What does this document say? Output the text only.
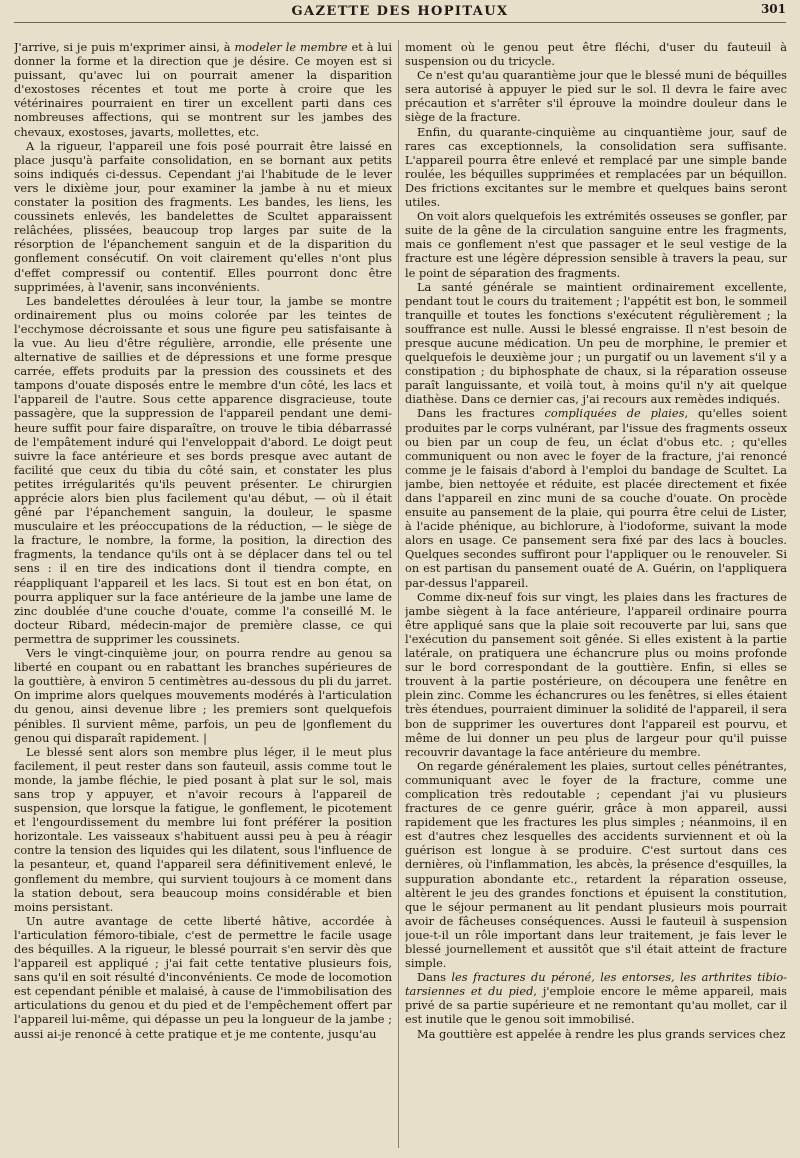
GAZETTE DES HOPITAUX	301

J'arrive, si je puis m'exprimer ainsi, à modeler le membre et à lui donner la forme et la direction que je désire. Ce moyen est si puissant, qu'avec lui on pourrait amener la disparition d'exostoses récentes et tout me porte à croire que les vétérinaires pourraient en tirer un excellent parti dans ces nombreuses affections, qui se montrent sur les jambes des chevaux, exostoses, javarts, mollettes, etc.

A la rigueur, l'appareil une fois posé pourrait être laissé en place jusqu'à parfaite consolidation, en se bornant aux petits soins indiqués ci-dessus. Cependant j'ai l'habitude de le lever vers le dixième jour, pour examiner la jambe à nu et mieux constater la position des fragments. Les bandes, les liens, les coussinets enlevés, les bandelettes de Scultet apparaissent relâchées, plissées, beaucoup trop larges par suite de la résorption de l'épanchement sanguin et de la disparition du gonflement consécutif. On voit clairement qu'elles n'ont plus d'effet compressif ou contentif. Elles pourront donc être supprimées, à l'avenir, sans inconvénients.

Les bandelettes déroulées à leur tour, la jambe se montre ordinairement plus ou moins colorée par les teintes de l'ecchymose décroissante et sous une figure peu satisfaisante à la vue. Au lieu d'être régulière, arrondie, elle présente une alternative de saillies et de dépressions et une forme presque carrée, effets produits par la pression des coussinets et des tampons d'ouate disposés entre le membre d'un côté, les lacs et l'appareil de l'autre. Sous cette apparence disgracieuse, toute passagère, que la suppression de l'appareil pendant une demi-heure suffit pour faire disparaître, on trouve le tibia débarrassé de l'empâtement induré qui l'enveloppait d'abord. Le doigt peut suivre la face antérieure et ses bords presque avec autant de facilité que ceux du tibia du côté sain, et constater les plus petites irrégularités qu'ils peuvent présenter. Le chirurgien apprécie alors bien plus facilement qu'au début, — où il était gêné par l'épanchement sanguin, la douleur, le spasme musculaire et les préoccupations de la réduction, — le siège de la fracture, le nombre, la forme, la position, la direction des fragments, la tendance qu'ils ont à se déplacer dans tel ou tel sens : il en tire des indications dont il tiendra compte, en réappliquant l'appareil et les lacs. Si tout est en bon état, on pourra appliquer sur la face antérieure de la jambe une lame de zinc doublée d'une couche d'ouate, comme l'a conseillé M. le docteur Ribard, médecin-major de première classe, ce qui permettra de supprimer les coussinets.

Vers le vingt-cinquième jour, on pourra rendre au genou sa liberté en coupant ou en rabattant les branches supérieures de la gouttière, à environ 5 centimètres au-dessous du pli du jarret. On imprime alors quelques mouvements modérés à l'articulation du genou, ainsi devenue libre ; les premiers sont quelquefois pénibles. Il survient même, parfois, un peu de |gonflement du genou qui disparaît rapidement. |

Le blessé sent alors son membre plus léger, il le meut plus facilement, il peut rester dans son fauteuil, assis comme tout le monde, la jambe fléchie, le pied posant à plat sur le sol, mais sans trop y appuyer, et n'avoir recours à l'appareil de suspension, que lorsque la fatigue, le gonflement, le picotement et l'engourdissement du membre lui font préférer la position horizontale. Les vaisseaux s'habituent aussi peu à peu à réagir contre la tension des liquides qui les dilatent, sous l'influence de la pesanteur, et, quand l'appareil sera définitivement enlevé, le gonflement du membre, qui survient toujours à ce moment dans la station debout, sera beaucoup moins considérable et bien moins persistant.

Un autre avantage de cette liberté hâtive, accordée à l'articulation fémoro-tibiale, c'est de permettre le facile usage des béquilles. A la rigueur, le blessé pourrait s'en servir dès que l'appareil est appliqué ; j'ai fait cette tentative plusieurs fois, sans qu'il en soit résulté d'inconvénients. Ce mode de locomotion est cependant pénible et malaisé, à cause de l'immobilisation des articulations du genou et du pied et de l'empêchement offert par l'appareil lui-même, qui dépasse un peu la longueur de la jambe ; aussi ai-je renoncé à cette pratique et je me contente, jusqu'au

moment où le genou peut être fléchi, d'user du fauteuil à suspension ou du tricycle.

Ce n'est qu'au quarantième jour que le blessé muni de béquilles sera autorisé à appuyer le pied sur le sol. Il devra le faire avec précaution et s'arrêter s'il éprouve la moindre douleur dans le siège de la fracture.

Enfin, du quarante-cinquième au cinquantième jour, sauf de rares cas exceptionnels, la consolidation sera suffisante. L'appareil pourra être enlevé et remplacé par une simple bande roulée, les béquilles supprimées et remplacées par un béquillon. Des frictions excitantes sur le membre et quelques bains seront utiles.

On voit alors quelquefois les extrémités osseuses se gonfler, par suite de la gêne de la circulation sanguine entre les fragments, mais ce gonflement n'est que passager et le seul vestige de la fracture est une légère dépression sensible à travers la peau, sur le point de séparation des fragments.

La santé générale se maintient ordinairement excellente, pendant tout le cours du traitement ; l'appétit est bon, le sommeil tranquille et toutes les fonctions s'exécutent régulièrement ; la souffrance est nulle. Aussi le blessé engraisse. Il n'est besoin de presque aucune médication. Un peu de morphine, le premier et quelquefois le deuxième jour ; un purgatif ou un lavement s'il y a constipation ; du biphosphate de chaux, si la réparation osseuse paraît languissante, et voilà tout, à moins qu'il n'y ait quelque diathèse. Dans ce dernier cas, j'ai recours aux remèdes indiqués.

Dans les fractures compliquées de plaies, qu'elles soient produites par le corps vulnérant, par l'issue des fragments osseux ou bien par un coup de feu, un éclat d'obus etc. ; qu'elles communiquent ou non avec le foyer de la fracture, j'ai renoncé comme je le faisais d'abord à l'emploi du bandage de Scultet. La jambe, bien nettoyée et réduite, est placée directement et fixée dans l'appareil en zinc muni de sa couche d'ouate. On procède ensuite au pansement de la plaie, qui pourra être celui de Lister, à l'acide phénique, au bichlorure, à l'iodoforme, suivant la mode alors en usage. Ce pansement sera fixé par des lacs à boucles. Quelques secondes suffiront pour l'appliquer ou le renouveler. Si on est partisan du pansement ouaté de A. Guérin, on l'appliquera par-dessus l'appareil.

Comme dix-neuf fois sur vingt, les plaies dans les fractures de jambe siègent à la face antérieure, l'appareil ordinaire pourra être appliqué sans que la plaie soit recouverte par lui, sans que l'exécution du pansement soit gênée. Si elles existent à la partie latérale, on pratiquera une échancrure plus ou moins profonde sur le bord correspondant de la gouttière. Enfin, si elles se trouvent à la partie postérieure, on découpera une fenêtre en plein zinc. Comme les échancrures ou les fenêtres, si elles étaient très étendues, pourraient diminuer la solidité de l'appareil, il sera bon de supprimer les ouvertures dont l'appareil est pourvu, et même de lui donner un peu plus de largeur pour qu'il puisse recouvrir davantage la face antérieure du membre.

On regarde généralement les plaies, surtout celles pénétrantes, communiquant avec le foyer de la fracture, comme une complication très redoutable ; cependant j'ai vu plusieurs fractures de ce genre guérir, grâce à mon appareil, aussi rapidement que les fractures les plus simples ; néanmoins, il en est d'autres chez lesquelles des accidents surviennent et où la guérison est longue à se produire. C'est surtout dans ces dernières, où l'inflammation, les abcès, la présence d'esquilles, la suppuration abondante etc., retardent la réparation osseuse, altèrent le jeu des grandes fonctions et épuisent la constitution, que le séjour permanent au lit pendant plusieurs mois pourrait avoir de fâcheuses conséquences. Aussi le fauteuil à suspension joue-t-il un rôle important dans leur traitement, je fais lever le blessé journellement et aussitôt que s'il était atteint de fracture simple.

Dans les fractures du péroné, les entorses, les arthrites tibio-tarsiennes et du pied, j'emploie encore le même appareil, mais privé de sa partie supérieure et ne remontant qu'au mollet, car il est inutile que le genou soit immobilisé.

Ma gouttière est appelée à rendre les plus grands services chez
